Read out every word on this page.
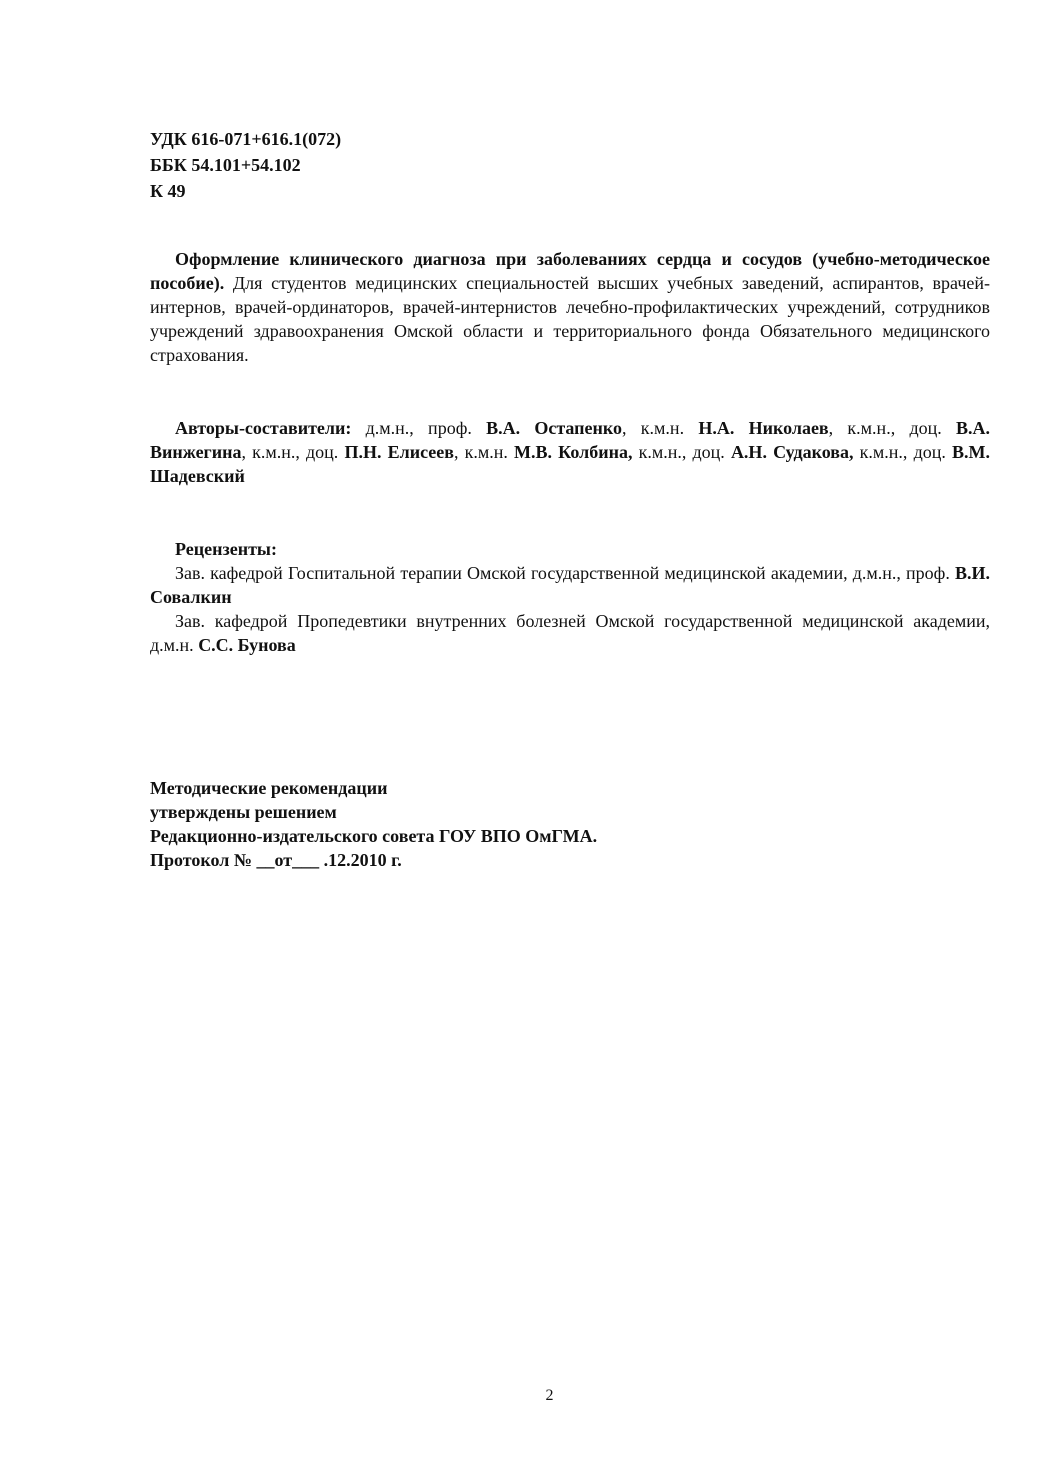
УДК 616-071+616.1(072)
ББК 54.101+54.102
К 49

Оформление клинического диагноза при заболеваниях сердца и сосудов (учебно-методическое пособие). Для студентов медицинских специальностей высших учебных заведений, аспирантов, врачей-интернов, врачей-ординаторов, врачей-интернистов лечебно-профилактических учреждений, сотрудников учреждений здравоохранения Омской области и территориального фонда Обязательного медицинского страхования.

Авторы-составители: д.м.н., проф. В.А. Остапенко, к.м.н. Н.А. Николаев, к.м.н., доц. В.А. Винжегина, к.м.н., доц. П.Н. Елисеев, к.м.н. М.В. Колбина, к.м.н., доц. А.Н. Судакова, к.м.н., доц. В.М. Шадевский

Рецензенты:

Зав. кафедрой Госпитальной терапии Омской государственной медицинской академии, д.м.н., проф. В.И. Совалкин

Зав. кафедрой Пропедевтики внутренних болезней Омской государственной медицинской академии, д.м.н. С.С. Бунова

Методические рекомендации
утверждены решением
Редакционно-издательского совета ГОУ ВПО ОмГМА.
Протокол № __от___ .12.2010 г.
2
